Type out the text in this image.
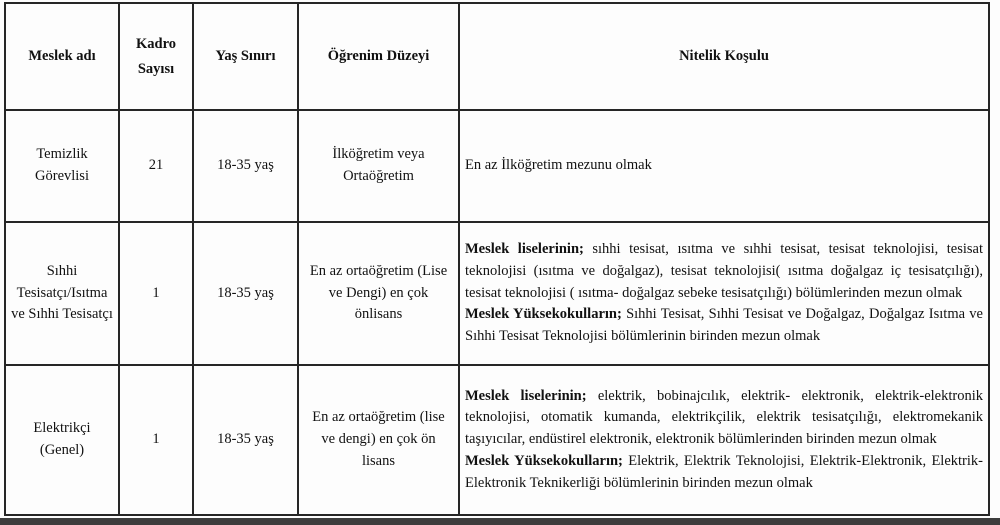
Meslek adı	Kadro Sayısı	Yaş Sınırı	Öğrenim Düzeyi	Nitelik Koşulu
Temizlik Görevlisi	21	18-35 yaş	İlköğretim veya Ortaöğretim	En az İlköğretim mezunu olmak

Sıhhi Tesisatçı/Isıtma ve Sıhhi Tesisatçı	1	18-35 yaş	En az ortaöğretim (Lise ve Dengi) en çok önlisans	Meslek liselerinin; sıhhi tesisat, ısıtma ve sıhhi tesisat, tesisat teknolojisi, tesisat teknolojisi (ısıtma ve doğalgaz), tesisat teknolojisi( ısıtma doğalgaz iç tesisatçılığı), tesisat teknolojisi ( ısıtma- doğalgaz sebeke tesisatçılığı) bölümlerinden mezun olmak
Meslek Yüksekokulların; Sıhhi Tesisat, Sıhhi Tesisat ve Doğalgaz, Doğalgaz Isıtma ve Sıhhi Tesisat Teknolojisi bölümlerinin birinden mezun olmak

Elektrikçi (Genel)	1	18-35 yaş	En az ortaöğretim (lise ve dengi) en çok ön lisans	Meslek liselerinin; elektrik, bobinajcılık, elektrik- elektronik, elektrik-elektronik teknolojisi, otomatik kumanda, elektrikçilik, elektrik tesisatçılığı, elektromekanik taşıyıcılar, endüstirel elektronik, elektronik bölümlerinden birinden mezun olmak
Meslek Yüksekokulların; Elektrik, Elektrik Teknolojisi, Elektrik-Elektronik, Elektrik-Elektronik Teknikerliği bölümlerinin birinden mezun olmak
